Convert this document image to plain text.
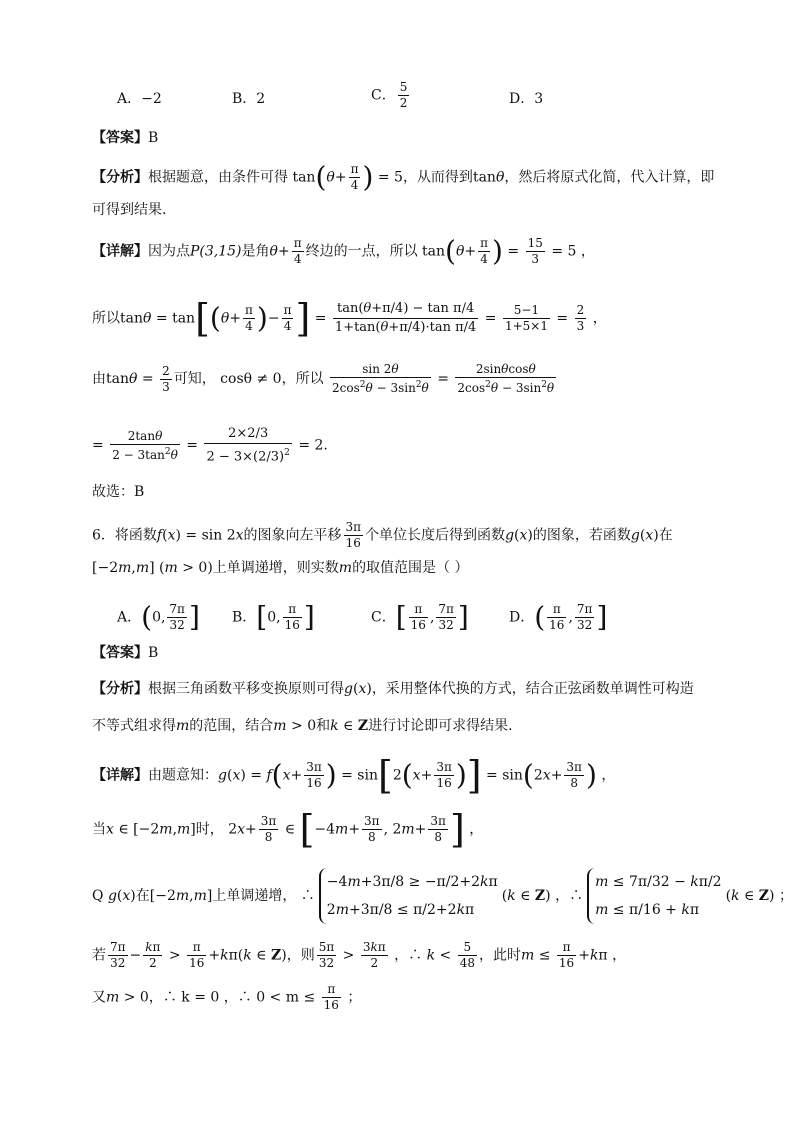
A．−2	B．2	C． $\frac{5}{2}$	D．3
【答案】B
【分析】根据题意，由条件可得 $\tan(\theta+ \frac{\pi}{4}$ ) = 5，从而得到tanθ，然后将原式化简，代入计算，即
可得到结果.
【详解】因为点P(3,15)是角$\theta+ \frac{\pi}{4}$ 终边的一点，所以 $\tan(\theta+ \frac{\pi}{4}$ ) = $\frac{15}{3} = 5$ ，
所以$\tan\theta = \tan[(\theta+ \frac{\pi}{4}$ )− $\frac{\pi}{4}$ ] = $\frac{\text{tan(θ+π/4) − tan π/4}}{\text{1+tan(θ+π/4)·tan π/4}} = \frac{5-1}{1+5\times 1} = \frac{2}{3}$ ，
由$\tan\theta = \frac{2}{3}$ 可知， cosθ ≠ 0，所以 $\frac{\sin 2\theta}{2\cos^2\theta - 3\sin^2\theta} = \frac{2\sin\theta\cos\theta}{2\cos^2\theta - 3\sin^2\theta}$
= $\frac{2\tan\theta}{2 - 3\tan^2\theta} = \frac{2\times 2/3}{2 - 3\times(2/3)^2} = 2$.
故选：B
6．将函数f(x) = sin 2x的图象向左平移 $\frac{3\pi}{16}$ 个单位长度后得到函数g(x)的图象，若函数g(x)在
[−2m,m] (m > 0)上单调递增，则实数m的取值范围是（ ）
A．(0, $\frac{7\pi}{32}$ ] B．[0, $\frac{\pi}{16}$ ]	C．[ $\frac{\pi}{16}$ , $\frac{7\pi}{32}$ ]	D．( $\frac{\pi}{16}$ , $\frac{7\pi}{32}$ ]
【答案】B
【分析】根据三角函数平移变换原则可得g(x)，采用整体代换的方式，结合正弦函数单调性可构造
不等式组求得m的范围，结合m > 0和k ∈ Z进行讨论即可求得结果.
【详解】由题意知：$g(x) = f(x+ \frac{3\pi}{16}$ ) = $\sin[2(x+ \frac{3\pi}{16}$ )] = $\sin(2x+ \frac{3\pi}{8}$ ) ，
当x ∈ [−2m,m]时， $2x+ \frac{3\pi}{8}$ ∈ [$-4m+ \frac{3\pi}{8}$ , $2m+ \frac{3\pi}{8}$ ] ，
Q g(x)在[−2m,m]上单调递增， ∴
−4m+3π/8 ≥ −π/2+2kπ
2m+3π/8 ≤ π/2+2kπ
(k ∈ Z) ，∴
m ≤ 7π/32 − kπ/2
m ≤ π/16 + kπ
(k ∈ Z) ；
若 $\frac{7\pi}{32} - \frac{k\pi}{2} > \frac{\pi}{16} +k\pi(k$ ∈ Z)，则 $\frac{5\pi}{32} > \frac{3k\pi}{2}$ ，∴ $k < \frac{5}{48}$ ，此时$m \le \frac{\pi}{16} +k\pi$ ，
又m > 0，∴ k = 0 ，∴ $0 < m \le \frac{\pi}{16}$ ；
